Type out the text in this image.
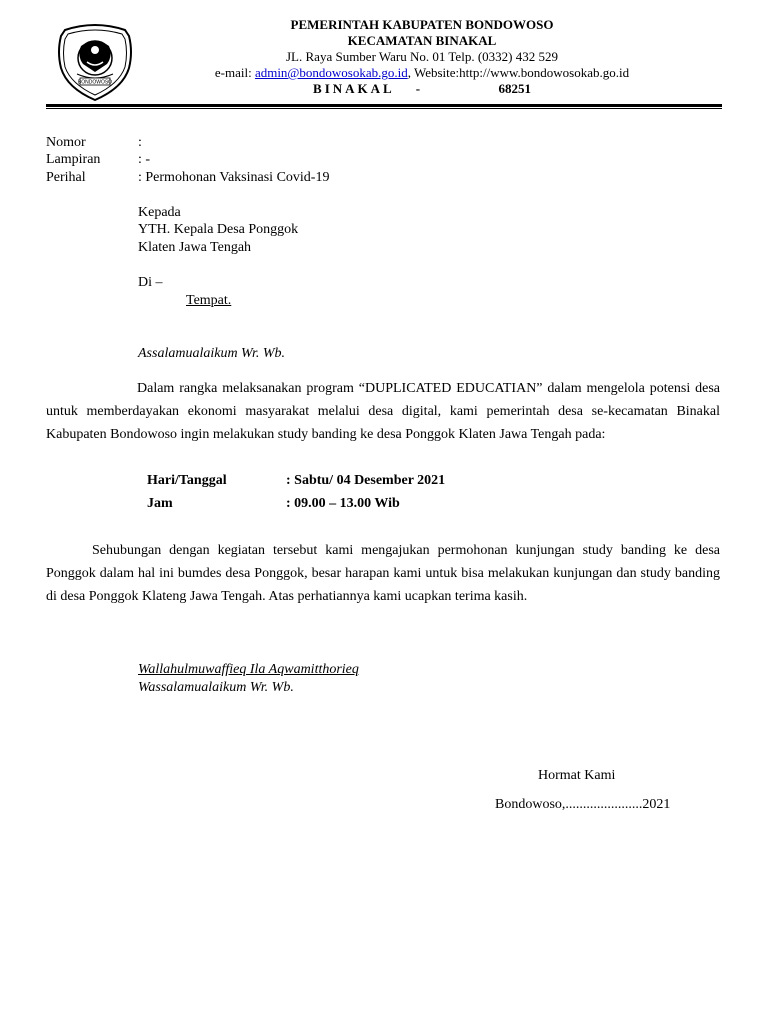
BONDOWOSO
PEMERINTAH KABUPATEN BONDOWOSO
KECAMATAN BINAKAL
JL. Raya Sumber Waru No. 01 Telp. (0332) 432 529
e-mail: admin@bondowosokab.go.id, Website:http://www.bondowosokab.go.id
BINAKAL -	68251
Nomor	:
Lampiran	: -
Perihal	: Permohonan Vaksinasi Covid-19
Kepada
YTH. Kepala Desa Ponggok
Klaten Jawa Tengah
Di –
Tempat.
Assalamualaikum Wr. Wb.
Dalam rangka melaksanakan program “DUPLICATED EDUCATIAN” dalam mengelola potensi desa untuk memberdayakan ekonomi masyarakat melalui desa digital, kami pemerintah desa se-kecamatan Binakal Kabupaten Bondowoso ingin melakukan study banding ke desa Ponggok Klaten Jawa Tengah pada:
Hari/Tanggal	: Sabtu/ 04 Desember 2021
Jam	: 09.00 – 13.00 Wib
Sehubungan dengan kegiatan tersebut kami mengajukan permohonan kunjungan study banding ke desa Ponggok dalam hal ini bumdes desa Ponggok, besar harapan kami untuk bisa melakukan kunjungan dan study banding di desa Ponggok Klateng Jawa Tengah. Atas perhatiannya kami ucapkan terima kasih.
Wallahulmuwaffieq Ila Aqwamitthorieq
Wassalamualaikum Wr. Wb.
Hormat Kami
Bondowoso,......................2021
